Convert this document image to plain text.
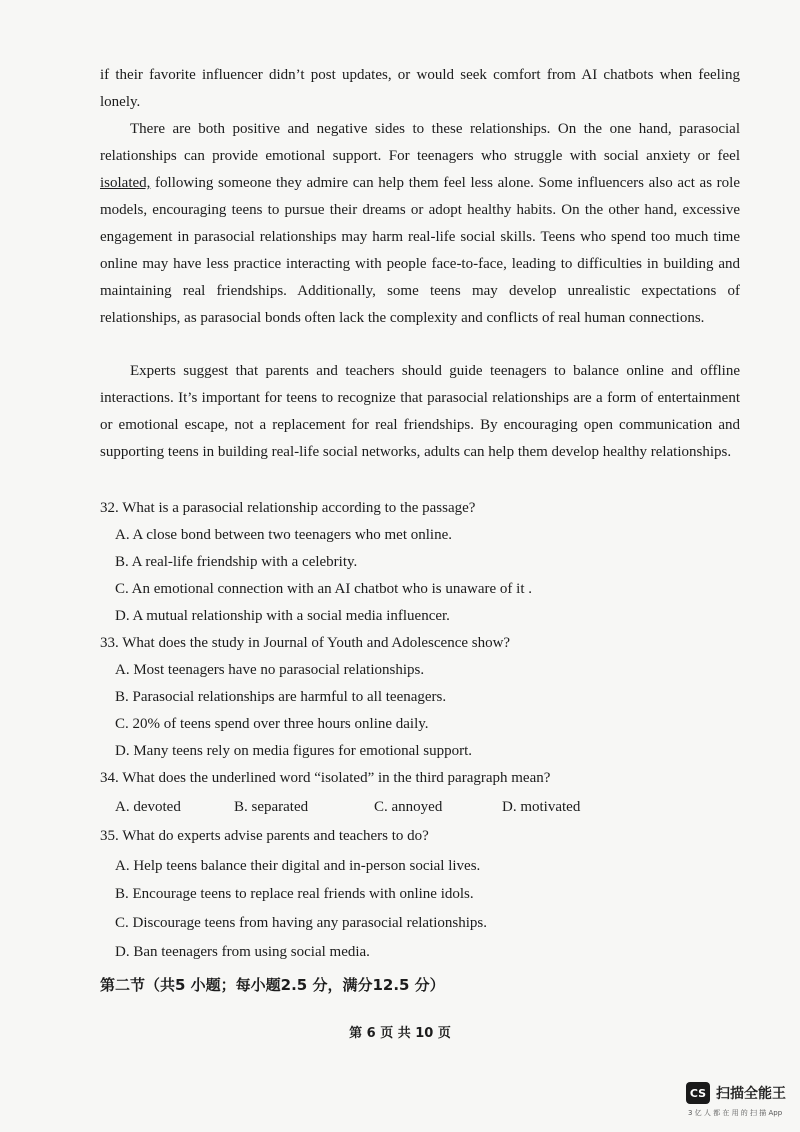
if their favorite influencer didn’t post updates, or would seek comfort from AI chatbots when feeling lonely.
There are both positive and negative sides to these relationships. On the one hand, parasocial relationships can provide emotional support. For teenagers who struggle with social anxiety or feel isolated, following someone they admire can help them feel less alone. Some influencers also act as role models, encouraging teens to pursue their dreams or adopt healthy habits. On the other hand, excessive engagement in parasocial relationships may harm real-life social skills. Teens who spend too much time online may have less practice interacting with people face-to-face, leading to difficulties in building and maintaining real friendships. Additionally, some teens may develop unrealistic expectations of relationships, as parasocial bonds often lack the complexity and conflicts of real human connections.
Experts suggest that parents and teachers should guide teenagers to balance online and offline interactions. It’s important for teens to recognize that parasocial relationships are a form of entertainment or emotional escape, not a replacement for real friendships. By encouraging open communication and supporting teens in building real-life social networks, adults can help them develop healthy relationships.
32. What is a parasocial relationship according to the passage?
A. A close bond between two teenagers who met online.
B. A real-life friendship with a celebrity.
C. An emotional connection with an AI chatbot who is unaware of it .
D. A mutual relationship with a social media influencer.
33. What does the study in Journal of Youth and Adolescence show?
A. Most teenagers have no parasocial relationships.
B. Parasocial relationships are harmful to all teenagers.
C. 20% of teens spend over three hours online daily.
D. Many teens rely on media figures for emotional support.
34. What does the underlined word “isolated” in the third paragraph mean?
A. devoted	B. separated	C. annoyed	D. motivated
35. What do experts advise parents and teachers to do?
A. Help teens balance their digital and in-person social lives.
B. Encourage teens to replace real friends with online idols.
C. Discourage teens from having any parasocial relationships.
D. Ban teenagers from using social media.
第二节（共5 小题；每小题2.5 分，满分12.5 分）
第 6 页 共 10 页
CS 扫描全能王
3 亿 人 都 在 用 的 扫 描 App
